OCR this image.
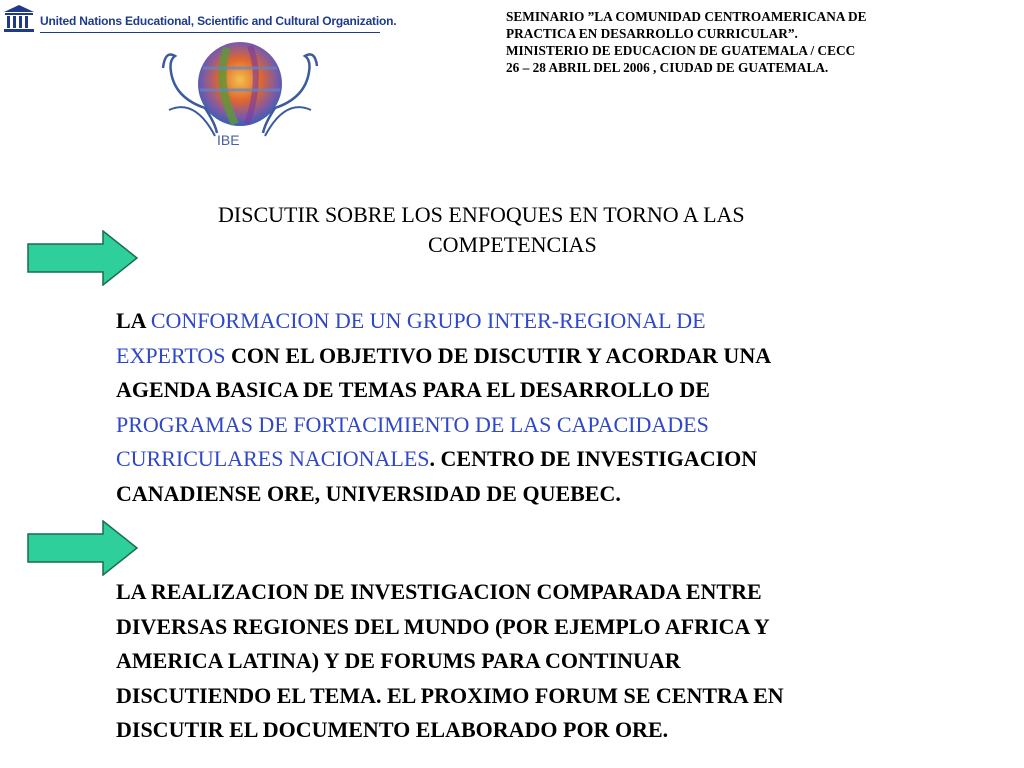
United Nations Educational, Scientific and Cultural Organization.
IBE
SEMINARIO ”LA COMUNIDAD CENTROAMERICANA DE
PRACTICA EN DESARROLLO CURRICULAR”.
MINISTERIO DE EDUCACION DE GUATEMALA / CECC
26 – 28 ABRIL DEL 2006 , CIUDAD DE GUATEMALA.
DISCUTIR SOBRE LOS ENFOQUES EN TORNO A LAS
COMPETENCIAS
LA CONFORMACION DE UN GRUPO INTER-REGIONAL DE
EXPERTOS CON EL OBJETIVO DE DISCUTIR Y ACORDAR UNA
AGENDA BASICA DE TEMAS PARA EL DESARROLLO DE
PROGRAMAS DE FORTACIMIENTO DE LAS CAPACIDADES
CURRICULARES NACIONALES. CENTRO DE INVESTIGACION
CANADIENSE ORE, UNIVERSIDAD DE QUEBEC.
LA REALIZACION DE INVESTIGACION COMPARADA ENTRE
DIVERSAS REGIONES DEL MUNDO (POR EJEMPLO AFRICA Y
AMERICA LATINA) Y DE FORUMS PARA CONTINUAR
DISCUTIENDO EL TEMA. EL PROXIMO FORUM SE CENTRA EN
DISCUTIR EL DOCUMENTO ELABORADO POR ORE.
